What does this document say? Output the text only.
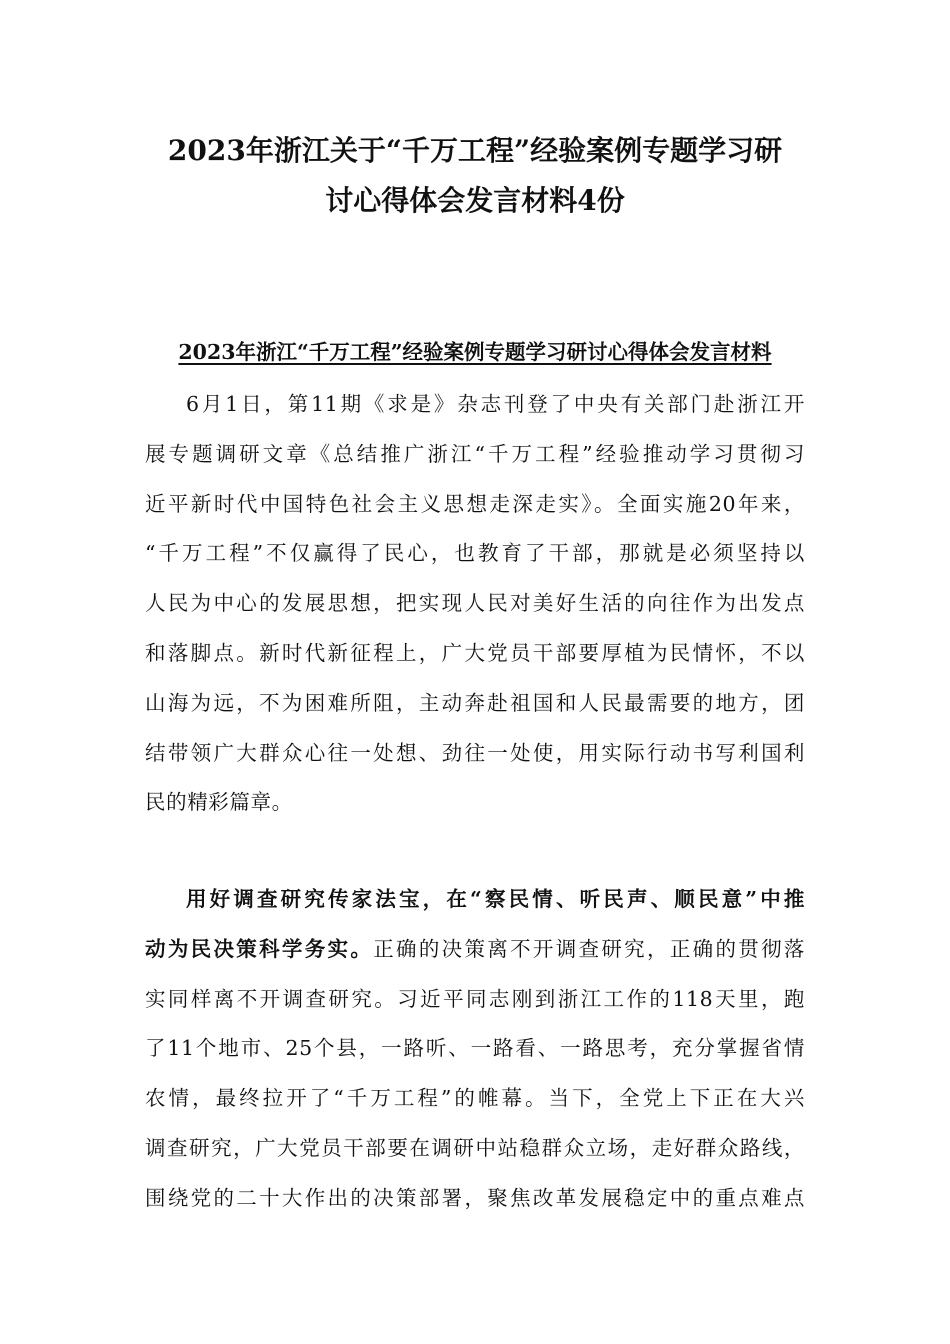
2023年浙江关于“千万工程”经验案例专题学习研
讨心得体会发言材料4份
2023年浙江“千万工程”经验案例专题学习研讨心得体会发言材料

6月1日，第11期《求是》杂志刊登了中央有关部门赴浙江开
展专题调研文章《总结推广浙江“千万工程”经验推动学习贯彻习
近平新时代中国特色社会主义思想走深走实》。全面实施20年来，
“千万工程”不仅赢得了民心，也教育了干部，那就是必须坚持以
人民为中心的发展思想，把实现人民对美好生活的向往作为出发点
和落脚点。新时代新征程上，广大党员干部要厚植为民情怀，不以
山海为远，不为困难所阻，主动奔赴祖国和人民最需要的地方，团
结带领广大群众心往一处想、劲往一处使，用实际行动书写利国利
民的精彩篇章。

用好调查研究传家法宝，在“察民情、听民声、顺民意”中推
动为民决策科学务实。正确的决策离不开调查研究，正确的贯彻落
实同样离不开调查研究。习近平同志刚到浙江工作的118天里，跑
了11个地市、25个县，一路听、一路看、一路思考，充分掌握省情
农情，最终拉开了“千万工程”的帷幕。当下，全党上下正在大兴
调查研究，广大党员干部要在调研中站稳群众立场，走好群众路线，
围绕党的二十大作出的决策部署，聚焦改革发展稳定中的重点难点
